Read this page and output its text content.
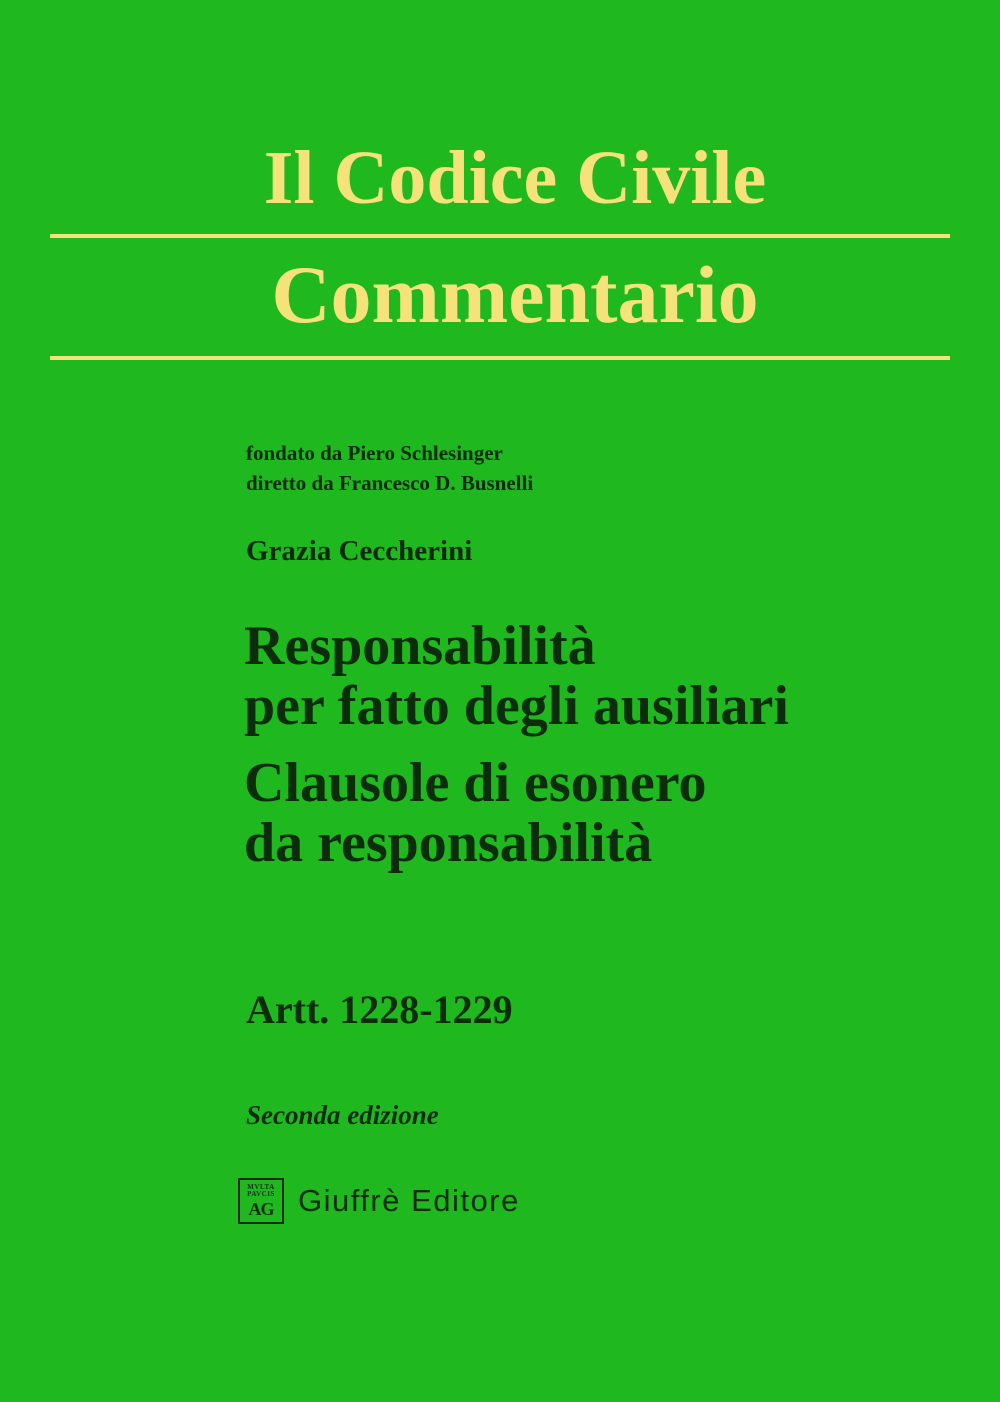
Il Codice Civile
Commentario
fondato da Piero Schlesinger
diretto da Francesco D. Busnelli
Grazia Ceccherini
Responsabilità
per fatto degli ausiliari
Clausole di esonero
da responsabilità
Artt. 1228-1229
Seconda edizione
MVLTA
PAVCIS
AG Giuffrè Editore
